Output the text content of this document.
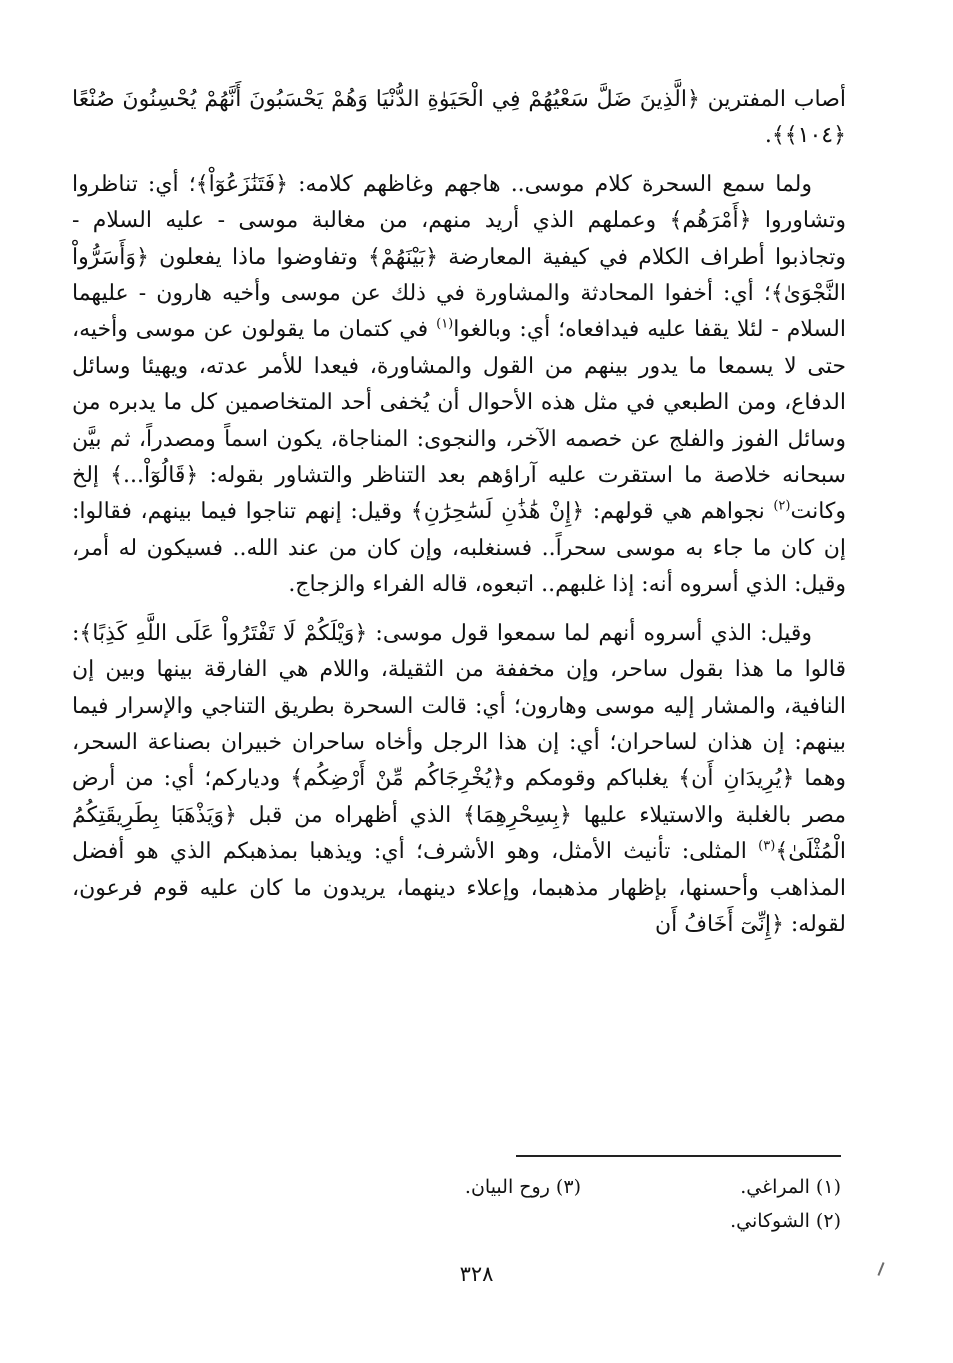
أصاب المفترين ﴿الَّذِينَ ضَلَّ سَعْيُهُمْ فِي الْحَيَوٰةِ الدُّنْيَا وَهُمْ يَحْسَبُونَ أَنَّهُمْ يُحْسِنُونَ صُنْعًا ﴿١٠٤﴾﴾.

ولما سمع السحرة كلام موسى.. هاجهم وغاظهم كلامه: ﴿فَتَنَٰزَعُوٓاْ﴾؛ أي: تناظروا وتشاوروا ﴿أَمْرَهُم﴾ وعملهم الذي أريد منهم، من مغالبة موسى - عليه السلام - وتجاذبوا أطراف الكلام في كيفية المعارضة ﴿بَيْنَهُمْ﴾ وتفاوضوا ماذا يفعلون ﴿وَأَسَرُّواْ النَّجْوَىٰ﴾؛ أي: أخفوا المحادثة والمشاورة في ذلك عن موسى وأخيه هارون - عليهما السلام - لئلا يقفا عليه فيدافعاه؛ أي: وبالغوا$^{(١)}$ في كتمان ما يقولون عن موسى وأخيه، حتى لا يسمعا ما يدور بينهم من القول والمشاورة، فيعدا للأمر عدته، ويهيئا وسائل الدفاع، ومن الطبعي في مثل هذه الأحوال أن يُخفى أحد المتخاصمين كل ما يدبره من وسائل الفوز والفلج عن خصمه الآخر، والنجوى: المناجاة، يكون اسماً ومصدراً، ثم بيَّن سبحانه خلاصة ما استقرت عليه آراؤهم بعد التناظر والتشاور بقوله: ﴿قَالُوٓاْ...﴾ إلخ وكانت$^{(٢)}$ نجواهم هي قولهم: ﴿إِنْ هَٰذَٰنِ لَسَٰحِرَٰنِ﴾ وقيل: إنهم تناجوا فيما بينهم، فقالوا: إن كان ما جاء به موسى سحراً.. فسنغلبه، وإن كان من عند الله.. فسيكون له أمر، وقيل: الذي أسروه أنه: إذا غلبهم.. اتبعوه، قاله الفراء والزجاج.

وقيل: الذي أسروه أنهم لما سمعوا قول موسى: ﴿وَيْلَكُمْ لَا تَفْتَرُواْ عَلَى اللَّهِ كَذِبًا﴾: قالوا ما هذا بقول ساحر، وإن مخففة من الثقيلة، واللام هي الفارقة بينها وبين إن النافية، والمشار إليه موسى وهارون؛ أي: قالت السحرة بطريق التناجي والإسرار فيما بينهم: إن هذان لساحران؛ أي: إن هذا الرجل وأخاه ساحران خبيران بصناعة السحر، وهما ﴿يُرِيدَانِ أَن﴾ يغلباكم وقومكم و﴿يُخْرِجَاكُم مِّنْ أَرْضِكُم﴾ ودياركم؛ أي: من أرض مصر بالغلبة والاستيلاء عليها ﴿بِسِحْرِهِمَا﴾ الذي أظهراه من قبل ﴿وَيَذْهَبَا بِطَرِيقَتِكُمُ الْمُثْلَىٰ﴾$^{(٣)}$ المثلى: تأنيث الأمثل، وهو الأشرف؛ أي: ويذهبا بمذهبكم الذي هو أفضل المذاهب وأحسنها، بإظهار مذهبما، وإعلاء دينهما، يريدون ما كان عليه قوم فرعون، لقوله: ﴿إِنِّىٓ أَخَافُ أَن

(١) المراغي.
(٣) روح البيان.
(٢) الشوكاني.
٣٢٨
